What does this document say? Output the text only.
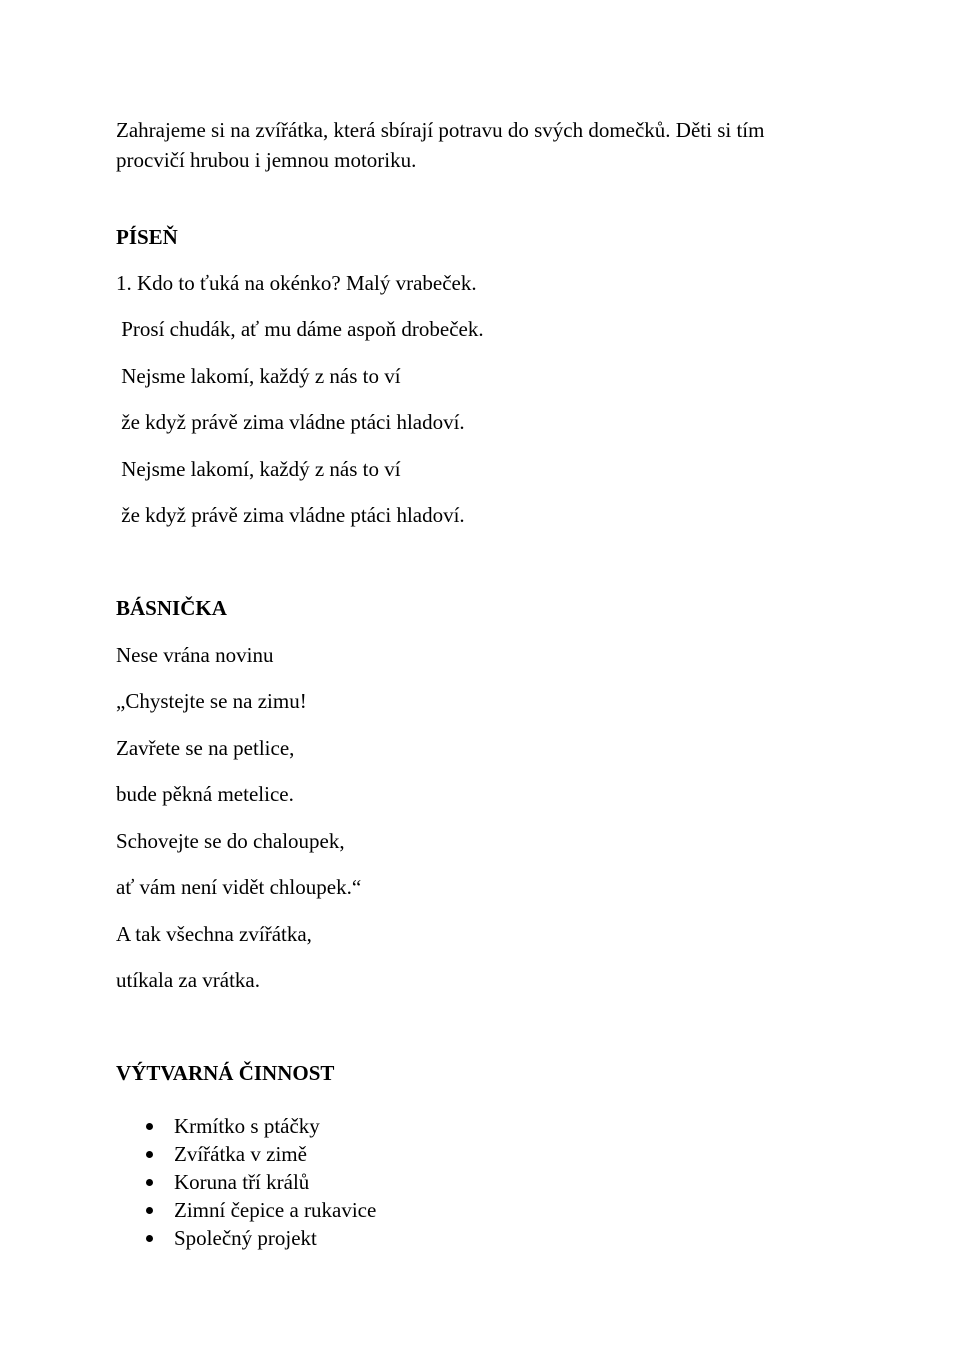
Zahrajeme si na zvířátka, která sbírají potravu do svých domečků. Děti si tím
procvičí hrubou i jemnou motoriku.
PÍSEŇ
1. Kdo to ťuká na okénko? Malý vrabeček.
Prosí chudák, ať mu dáme aspoň drobeček.
Nejsme lakomí, každý z nás to ví
že když právě zima vládne ptáci hladoví.
Nejsme lakomí, každý z nás to ví
že když právě zima vládne ptáci hladoví.
BÁSNIČKA
Nese vrána novinu
„Chystejte se na zimu!
Zavřete se na petlice,
bude pěkná metelice.
Schovejte se do chaloupek,
ať vám není vidět chloupek.“
A tak všechna zvířátka,
utíkala za vrátka.
VÝTVARNÁ ČINNOST
Krmítko s ptáčky
Zvířátka v zimě
Koruna tří králů
Zimní čepice a rukavice
Společný projekt
